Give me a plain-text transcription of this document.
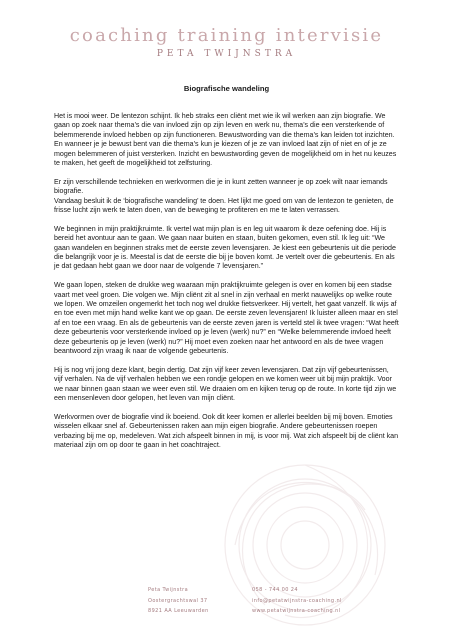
coaching training intervisie
PETA TWIJNSTRA
Biografische wandeling

Het is mooi weer. De lentezon schijnt. Ik heb straks een cliënt met wie ik wil werken aan zijn biografie. We gaan op zoek naar thema’s die van invloed zijn op zijn leven en werk nu, thema’s die een versterkende of belemmerende invloed hebben op zijn functioneren. Bewustwording van die thema’s kan leiden tot inzichten. En wanneer je je bewust bent van die thema’s kun je kiezen of je ze van invloed laat zijn of niet en of je ze mogen belemmeren of juist versterken. Inzicht en bewustwording geven de mogelijkheid om in het nu keuzes te maken, het geeft de mogelijkheid tot zelfsturing.

Er zijn verschillende technieken en werkvormen die je in kunt zetten wanneer je op zoek wilt naar iemands biografie.
Vandaag besluit ik de ‘biografische wandeling’ te doen. Het lijkt me goed om van de lentezon te genieten, de frisse lucht zijn werk te laten doen, van de beweging te profiteren en me te laten verrassen.

We beginnen in mijn praktijkruimte. Ik vertel wat mijn plan is en leg uit waarom ik deze oefening doe. Hij is bereid het avontuur aan te gaan. We gaan naar buiten en staan, buiten gekomen, even stil. Ik leg uit: “We gaan wandelen en beginnen straks met de eerste zeven levensjaren. Je kiest een gebeurtenis uit die periode die belangrijk voor je is. Meestal is dat de eerste die bij je boven komt. Je vertelt over die gebeurtenis. En als je dat gedaan hebt gaan we door naar de volgende 7 levensjaren.”

We gaan lopen, steken de drukke weg waaraan mijn praktijkruimte gelegen is over en komen bij een stadse vaart met veel groen. Die volgen we. Mijn cliënt zit al snel in zijn verhaal en merkt nauwelijks op welke route we lopen. We omzeilen ongemerkt het toch nog wel drukke fietsverkeer. Hij vertelt, het gaat vanzelf. Ik wijs af en toe even met mijn hand welke kant we op gaan. De eerste zeven levensjaren! Ik luister alleen maar en stel af en toe een vraag. En als de gebeurtenis van de eerste zeven jaren is verteld stel ik twee vragen: “Wat heeft deze gebeurtenis voor versterkende invloed op je leven (werk) nu?” en “Welke belemmerende invloed heeft deze gebeurtenis op je leven (werk) nu?” Hij moet even zoeken naar het antwoord en als de twee vragen beantwoord zijn vraag ik naar de volgende gebeurtenis.

Hij is nog vrij jong deze klant, begin dertig. Dat zijn vijf keer zeven levensjaren. Dat zijn vijf gebeurtenissen, vijf verhalen. Na de vijf verhalen hebben we een rondje gelopen en we komen weer uit bij mijn praktijk. Voor we naar binnen gaan staan we weer even stil. We draaien om en kijken terug op de route. In korte tijd zijn we een mensenleven door gelopen, het leven van mijn cliënt.

Werkvormen over de biografie vind ik boeiend. Ook dit keer komen er allerlei beelden bij mij boven. Emoties wisselen elkaar snel af. Gebeurtenissen raken aan mijn eigen biografie. Andere gebeurtenissen roepen verbazing bij me op, medeleven. Wat zich afspeelt binnen in mij, is voor mij. Wat zich afspeelt bij de cliënt kan materiaal zijn om op door te gaan in het coachtraject.

Peta Twijnstra
Oostergrachtswal 37
8921 AA Leeuwarden
058 - 744 00 24
info@petatwijnstra-coaching.nl
www.petatwijnstra-coaching.nl
